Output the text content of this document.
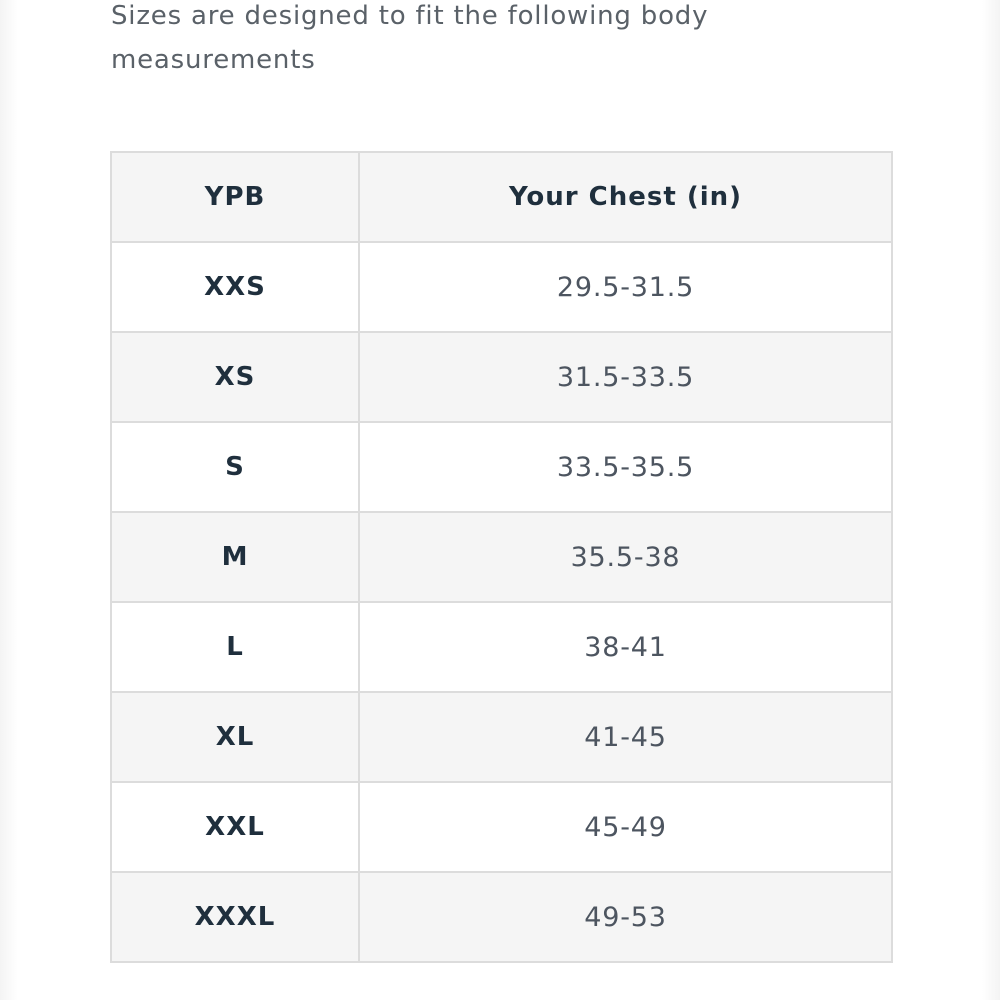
Sizes are designed to fit the following body measurements

YPB	Your Chest (in)
XXS	29.5-31.5
XS	31.5-33.5
S	33.5-35.5
M	35.5-38
L	38-41
XL	41-45
XXL	45-49
XXXL	49-53
